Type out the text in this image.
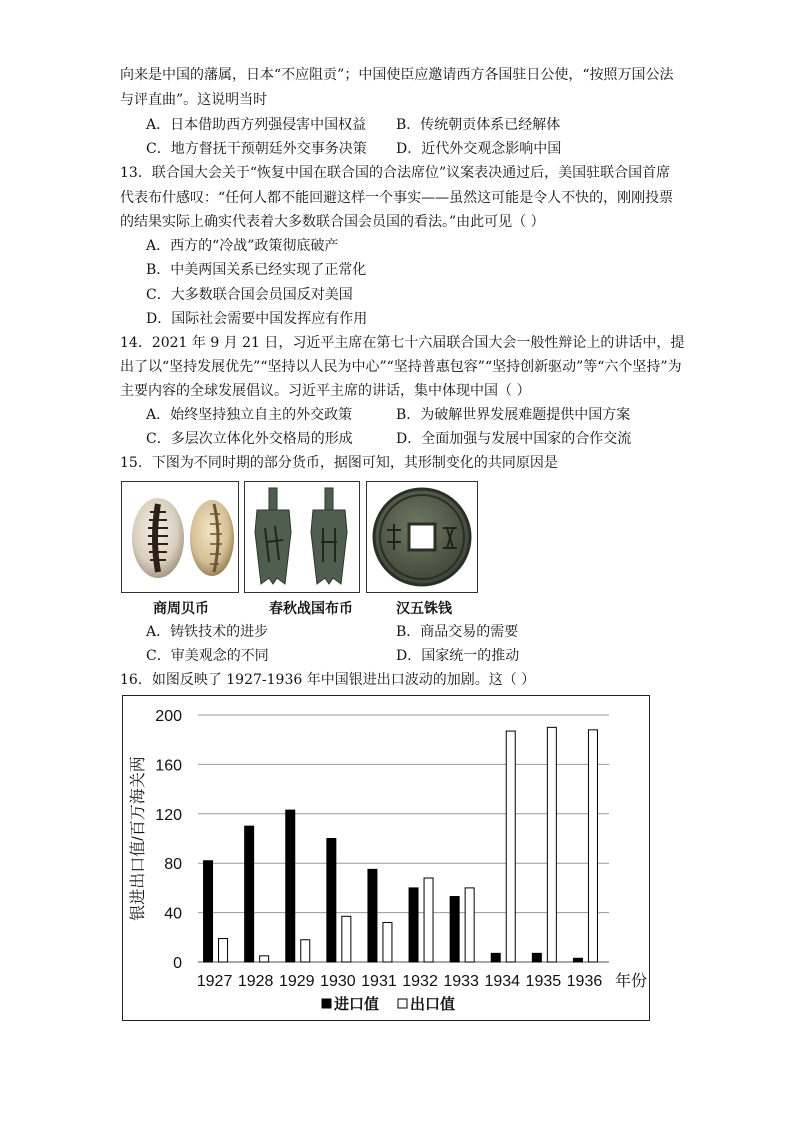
向来是中国的藩属，日本“不应阻贡”；中国使臣应邀请西方各国驻日公使，“按照万国公法
与评直曲”。这说明当时
A．日本借助西方列强侵害中国权益 B．传统朝贡体系已经解体
C．地方督抚干预朝廷外交事务决策 D．近代外交观念影响中国
13．联合国大会关于“恢复中国在联合国的合法席位”议案表决通过后，美国驻联合国首席
代表布什感叹：“任何人都不能回避这样一个事实——虽然这可能是令人不快的，刚刚投票
的结果实际上确实代表着大多数联合国会员国的看法。”由此可见（ ）
A．西方的“冷战”政策彻底破产
B．中美两国关系已经实现了正常化
C．大多数联合国会员国反对美国
D．国际社会需要中国发挥应有作用
14．2021 年 9 月 21 日，习近平主席在第七十六届联合国大会一般性辩论上的讲话中，提
出了以“坚持发展优先”“坚持以人民为中心”“坚持普惠包容”“坚持创新驱动”等“六个坚持”为
主要内容的全球发展倡议。习近平主席的讲话，集中体现中国（ ）
A．始终坚持独立自主的外交政策	B．为破解世界发展难题提供中国方案
C．多层次立体化外交格局的形成	D．全面加强与发展中国家的合作交流
15．下图为不同时期的部分货币，据图可知，其形制变化的共同原因是
商周贝币	春秋战国布币	汉五铢钱
A．铸铁技术的进步	B．商品交易的需要
C．审美观念的不同	D．国家统一的推动
16．如图反映了 1927-1936 年中国银进出口波动的加剧。这（ ）
0
40
80
120
160
200
银进出口值/百万海关两
1927 1928 1929 1930 1931 1932 1933 1934 1935 1936 年份
进口值 出口值
